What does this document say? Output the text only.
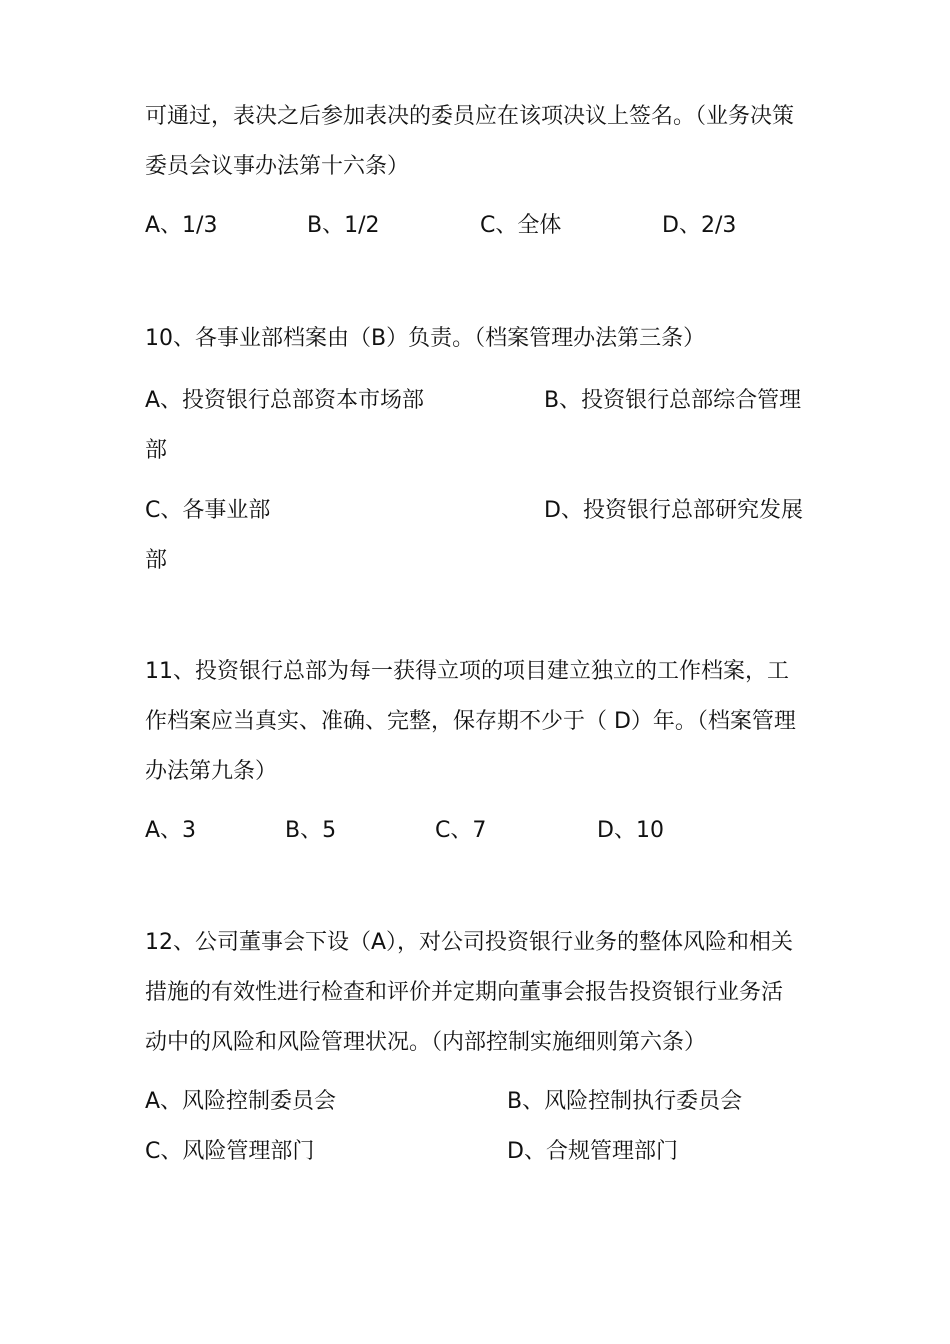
可通过，表决之后参加表决的委员应在该项决议上签名。（业务决策
委员会议事办法第十六条）
A、1/3	B、1/2	C、全体	D、2/3
10、各事业部档案由（B）负责。（档案管理办法第三条）
A、投资银行总部资本市场部	B、投资银行总部综合管理
部
C、各事业部	D、投资银行总部研究发展
部
11、投资银行总部为每一获得立项的项目建立独立的工作档案，工
作档案应当真实、准确、完整，保存期不少于（ D）年。（档案管理
办法第九条）
A、3	B、5	C、7	D、10
12、公司董事会下设（A），对公司投资银行业务的整体风险和相关
措施的有效性进行检查和评价并定期向董事会报告投资银行业务活
动中的风险和风险管理状况。（内部控制实施细则第六条）
A、风险控制委员会	B、风险控制执行委员会
C、风险管理部门	D、合规管理部门
